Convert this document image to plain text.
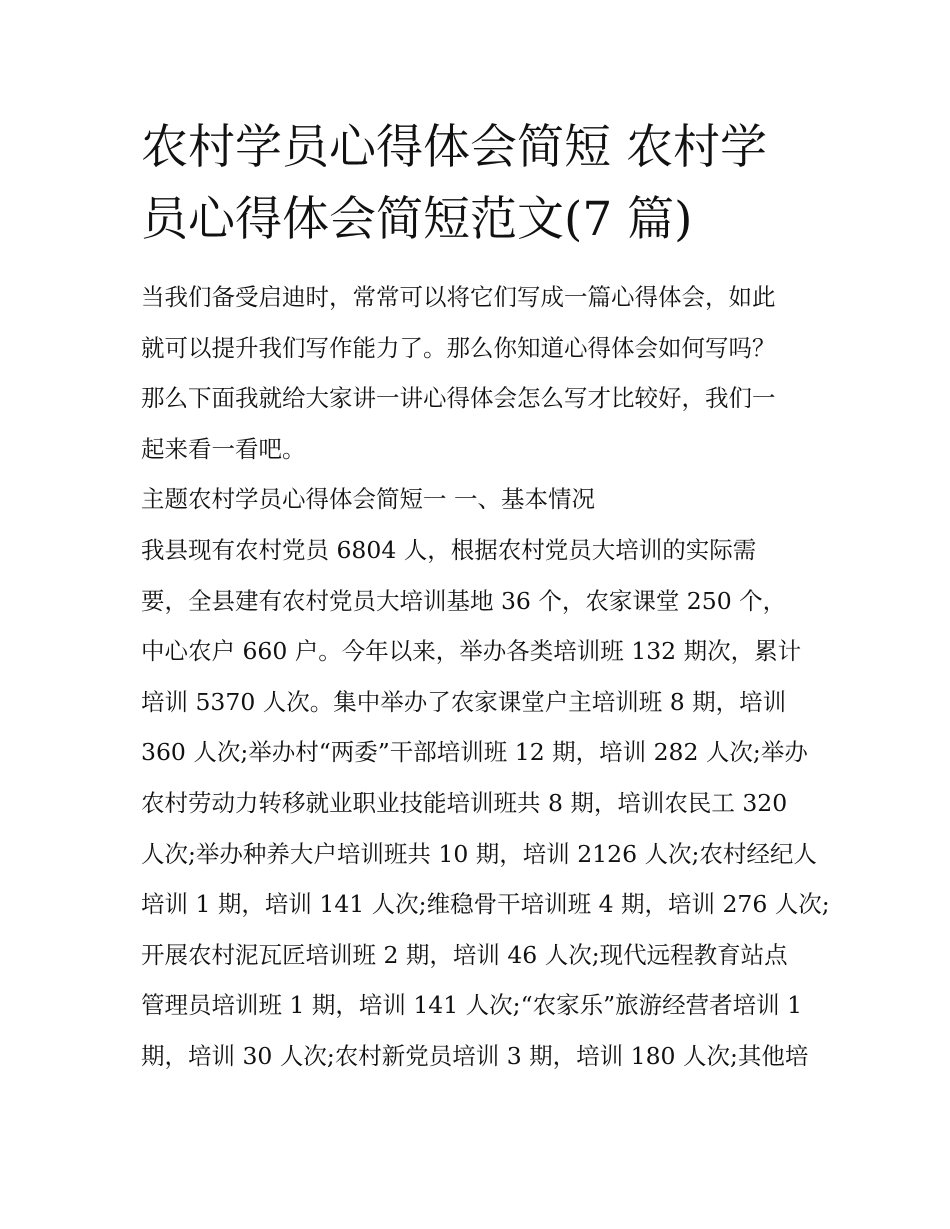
农村学员心得体会简短 农村学
员心得体会简短范文(7 篇)
当我们备受启迪时，常常可以将它们写成一篇心得体会，如此
就可以提升我们写作能力了。那么你知道心得体会如何写吗？
那么下面我就给大家讲一讲心得体会怎么写才比较好，我们一
起来看一看吧。
主题农村学员心得体会简短一 一、基本情况
我县现有农村党员 6804 人，根据农村党员大培训的实际需
要，全县建有农村党员大培训基地 36 个，农家课堂 250 个，
中心农户 660 户。今年以来，举办各类培训班 132 期次，累计
培训 5370 人次。集中举办了农家课堂户主培训班 8 期，培训
360 人次;举办村“两委”干部培训班 12 期，培训 282 人次;举办
农村劳动力转移就业职业技能培训班共 8 期，培训农民工 320
人次;举办种养大户培训班共 10 期，培训 2126 人次;农村经纪人
培训 1 期，培训 141 人次;维稳骨干培训班 4 期，培训 276 人次;
开展农村泥瓦匠培训班 2 期，培训 46 人次;现代远程教育站点
管理员培训班 1 期，培训 141 人次;“农家乐”旅游经营者培训 1
期，培训 30 人次;农村新党员培训 3 期，培训 180 人次;其他培
